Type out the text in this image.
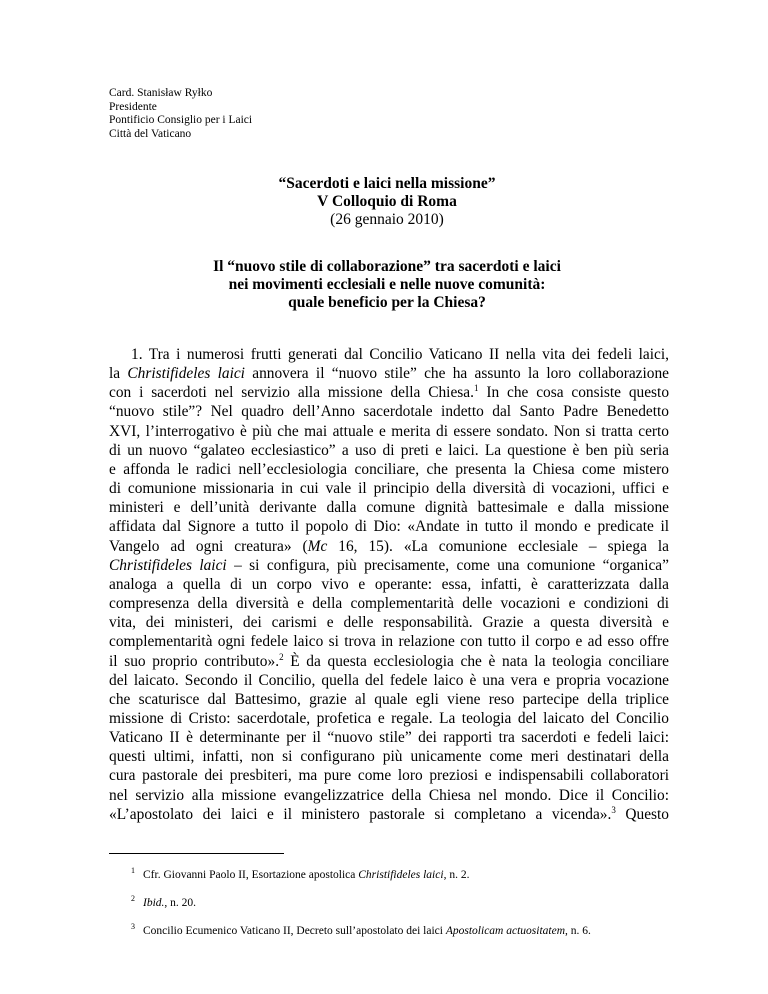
Card. Stanisław Ryłko
Presidente
Pontificio Consiglio per i Laici
Città del Vaticano
“Sacerdoti e laici nella missione”
V Colloquio di Roma
(26 gennaio 2010)
Il “nuovo stile di collaborazione” tra sacerdoti e laici
nei movimenti ecclesiali e nelle nuove comunità:
quale beneficio per la Chiesa?
1. Tra i numerosi frutti generati dal Concilio Vaticano II nella vita dei fedeli laici,
la Christifideles laici annovera il “nuovo stile” che ha assunto la loro collaborazione
con i sacerdoti nel servizio alla missione della Chiesa.$^1$ In che cosa consiste questo
“nuovo stile”? Nel quadro dell’Anno sacerdotale indetto dal Santo Padre Benedetto
XVI, l’interrogativo è più che mai attuale e merita di essere sondato. Non si tratta certo
di un nuovo “galateo ecclesiastico” a uso di preti e laici. La questione è ben più seria
e affonda le radici nell’ecclesiologia conciliare, che presenta la Chiesa come mistero
di comunione missionaria in cui vale il principio della diversità di vocazioni, uffici e
ministeri e dell’unità derivante dalla comune dignità battesimale e dalla missione
affidata dal Signore a tutto il popolo di Dio: «Andate in tutto il mondo e predicate il
Vangelo ad ogni creatura» (Mc 16, 15). «La comunione ecclesiale – spiega la
Christifideles laici – si configura, più precisamente, come una comunione “organica”
analoga a quella di un corpo vivo e operante: essa, infatti, è caratterizzata dalla
compresenza della diversità e della complementarità delle vocazioni e condizioni di
vita, dei ministeri, dei carismi e delle responsabilità. Grazie a questa diversità e
complementarità ogni fedele laico si trova in relazione con tutto il corpo e ad esso offre
il suo proprio contributo».$^2$ È da questa ecclesiologia che è nata la teologia conciliare
del laicato. Secondo il Concilio, quella del fedele laico è una vera e propria vocazione
che scaturisce dal Battesimo, grazie al quale egli viene reso partecipe della triplice
missione di Cristo: sacerdotale, profetica e regale. La teologia del laicato del Concilio
Vaticano II è determinante per il “nuovo stile” dei rapporti tra sacerdoti e fedeli laici:
questi ultimi, infatti, non si configurano più unicamente come meri destinatari della
cura pastorale dei presbiteri, ma pure come loro preziosi e indispensabili collaboratori
nel servizio alla missione evangelizzatrice della Chiesa nel mondo. Dice il Concilio:
«L’apostolato dei laici e il ministero pastorale si completano a vicenda».$^3$ Questo
$^1$ Cfr. Giovanni Paolo II, Esortazione apostolica Christifideles laici, n. 2.
$^2$ Ibid., n. 20.
$^3$ Concilio Ecumenico Vaticano II, Decreto sull’apostolato dei laici Apostolicam actuositatem, n. 6.
